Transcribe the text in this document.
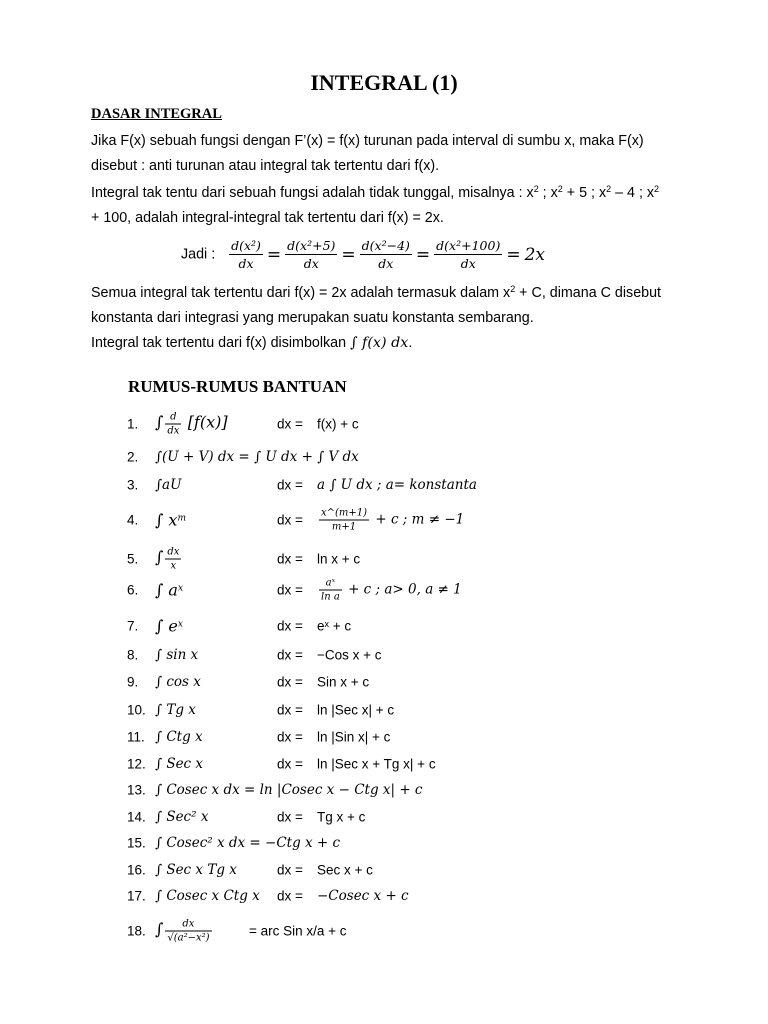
INTEGRAL (1)
DASAR INTEGRAL
Jika F(x) sebuah fungsi dengan F’(x) = f(x) turunan pada interval di sumbu x, maka F(x)
disebut : anti turunan atau integral tak tertentu dari f(x).
Integral tak tentu dari sebuah fungsi adalah tidak tunggal, misalnya : $x^2$ ; $x^2 + 5$ ; $x^2 - 4$ ; $x^2$
+ 100, adalah integral-integral tak tertentu dari f(x) = 2x.
Jadi : $\frac{\text{d(x²)}}{dx} = \frac{\text{d(x²+5)}}{dx} = \frac{\text{d(x²−4)}}{dx} = \frac{\text{d(x²+100)}}{dx} = 2x$
Semua integral tak tertentu dari f(x) = 2x adalah termasuk dalam $x^2 + C$, dimana C disebut
konstanta dari integrasi yang merupakan suatu konstanta sembarang.
Integral tak tertentu dari f(x) disimbolkan ∫ f(x) dx.
RUMUS-RUMUS BANTUAN
1. ∫ $\frac{d}{dx} [f(x)]$	dx = f(x) + c
2. ∫(U + V) dx = ∫ U dx + ∫ V dx
3. ∫aU	dx = a ∫ U dx ; a= konstanta
4. ∫ $x^m$	dx = $\frac{x\^{}(m+1)}{m+1} + c$ ; m ≠ −1
5. ∫ $\frac{dx}{x}$	dx = ln x + c
6. ∫ $a^x$	dx = $\frac{\text{aˣ}}{\text{ln a}} + c$ ; a> 0, a ≠ 1
7. ∫ $e^x$	dx = eˣ + c
8. ∫ sin x	dx = −Cos x + c
9. ∫ cos x	dx = Sin x + c
10. ∫ Tg x	dx = ln |Sec x| + c
11. ∫ Ctg x	dx = ln |Sin x| + c
12. ∫ Sec x	dx = ln |Sec x + Tg x| + c
13. ∫ Cosec x dx = ln |Cosec x − Ctg x| + c
14. ∫ Sec² x	dx = Tg x + c
15. ∫ Cosec² x dx = −Ctg x + c
16. ∫ Sec x Tg x	dx = Sec x + c
17. ∫ Cosec x Ctg x dx = −Cosec x + c
18. ∫ $\frac{dx}{\text{√(a²−x²)}}$	= arc Sin x/a + c
